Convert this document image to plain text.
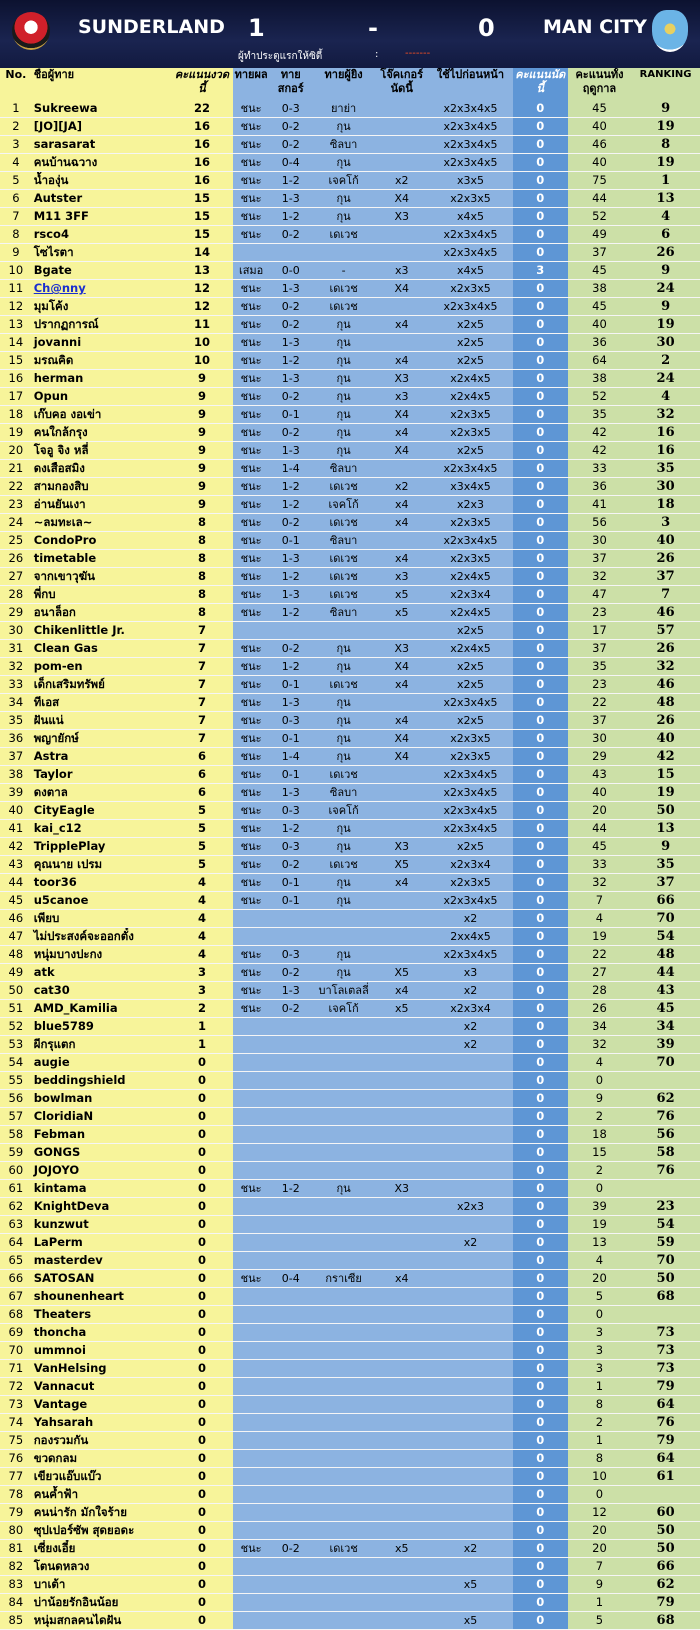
SUNDERLAND 1	-	0	MAN CITY
ผู้ทำประตูแรกให้ซิตี้	:	-------
No.	ชื่อผู้ทาย	คะแนนงวดนี้	ทายผล	ทายสกอร์	ทายผู้ยิง	โจ๊คเกอร์นัดนี้	ใช้ไปก่อนหน้า	คะแนนนัดนี้	คะแนนทั้งฤดูกาล	RANKING
1	Sukreewa	22	ชนะ	0-3	ยาย่า		x2x3x4x5	0	45	9
2	[JO][JA]	16	ชนะ	0-2	กุน		x2x3x4x5	0	40	19
3	sarasarat	16	ชนะ	0-2	ซิลบา		x2x3x4x5	0	46	8
4	คนบ้านฉวาง	16	ชนะ	0-4	กุน		x2x3x4x5	0	40	19
5	น้ำองุ่น	16	ชนะ	1-2	เจคโก้	x2	x3x5	0	75	1
6	Autster	15	ชนะ	1-3	กุน	X4	x2x3x5	0	44	13
7	M11 3FF	15	ชนะ	1-2	กุน	X3	x4x5	0	52	4
8	rsco4	15	ชนะ	0-2	เดเวช		x2x3x4x5	0	49	6
9	โซไรตา	14					x2x3x4x5	0	37	26
10	Bgate	13	เสมอ	0-0	-	x3	x4x5	3	45	9
11	Ch@nny	12	ชนะ	1-3	เดเวช	X4	x2x3x5	0	38	24
12	มุมโค้ง	12	ชนะ	0-2	เดเวช		x2x3x4x5	0	45	9
13	ปรากฏการณ์	11	ชนะ	0-2	กุน	x4	x2x5	0	40	19
14	jovanni	10	ชนะ	1-3	กุน		x2x5	0	36	30
15	มรณคิด	10	ชนะ	1-2	กุน	x4	x2x5	0	64	2
16	herman	9	ชนะ	1-3	กุน	X3	x2x4x5	0	38	24
17	Opun	9	ชนะ	0-2	กุน	x3	x2x4x5	0	52	4
18	เก๊บคอ งอเข่า	9	ชนะ	0-1	กุน	X4	x2x3x5	0	35	32
19	คนใกล้กรุง	9	ชนะ	0-2	กุน	x4	x2x3x5	0	42	16
20	โจอู จิง หลี่	9	ชนะ	1-3	กุน	X4	x2x5	0	42	16
21	ดงเสือสมิง	9	ชนะ	1-4	ซิลบา		x2x3x4x5	0	33	35
22	สามกองสิบ	9	ชนะ	1-2	เดเวช	x2	x3x4x5	0	36	30
23	อ่านยันเงา	9	ชนะ	1-2	เจคโก้	x4	x2x3	0	41	18
24	~ลมทะเล~	8	ชนะ	0-2	เดเวช	x4	x2x3x5	0	56	3
25	CondoPro	8	ชนะ	0-1	ซิลบา		x2x3x4x5	0	30	40
26	timetable	8	ชนะ	1-3	เดเวช	x4	x2x3x5	0	37	26
27	จากเขาวุฆัน	8	ชนะ	1-2	เดเวช	x3	x2x4x5	0	32	37
28	พี่กบ	8	ชนะ	1-3	เดเวช	x5	x2x3x4	0	47	7
29	อนาล็อก	8	ชนะ	1-2	ซิลบา	x5	x2x4x5	0	23	46
30	Chikenlittle Jr.	7					x2x5	0	17	57
31	Clean Gas	7	ชนะ	0-2	กุน	X3	x2x4x5	0	37	26
32	pom-en	7	ชนะ	1-2	กุน	X4	x2x5	0	35	32
33	เด็กเสริมทรัพย์	7	ชนะ	0-1	เดเวช	x4	x2x5	0	23	46
34	ทีเอส	7	ชนะ	1-3	กุน		x2x3x4x5	0	22	48
35	ฝันแน่	7	ชนะ	0-3	กุน	x4	x2x5	0	37	26
36	พญายักษ์	7	ชนะ	0-1	กุน	X4	x2x3x5	0	30	40
37	Astra	6	ชนะ	1-4	กุน	X4	x2x3x5	0	29	42
38	Taylor	6	ชนะ	0-1	เดเวช		x2x3x4x5	0	43	15
39	ดงตาล	6	ชนะ	1-3	ซิลบา		x2x3x4x5	0	40	19
40	CityEagle	5	ชนะ	0-3	เจคโก้		x2x3x4x5	0	20	50
41	kai_c12	5	ชนะ	1-2	กุน		x2x3x4x5	0	44	13
42	TripplePlay	5	ชนะ	0-3	กุน	X3	x2x5	0	45	9
43	คุณนาย เปรม	5	ชนะ	0-2	เดเวช	X5	x2x3x4	0	33	35
44	toor36	4	ชนะ	0-1	กุน	x4	x2x3x5	0	32	37
45	u5canoe	4	ชนะ	0-1	กุน		x2x3x4x5	0	7	66
46	เพียบ	4					x2	0	4	70
47	ไม่ประสงค์จะออกตั๋ง	4					2xx4x5	0	19	54
48	หนุ่มบางปะกง	4	ชนะ	0-3	กุน		x2x3x4x5	0	22	48
49	atk	3	ชนะ	0-2	กุน	X5	x3	0	27	44
50	cat30	3	ชนะ	1-3	บาโลเตลลี่	x4	x2	0	28	43
51	AMD_Kamilia	2	ชนะ	0-2	เจคโก้	x5	x2x3x4	0	26	45
52	blue5789	1					x2	0	34	34
53	ผีกรุแตก	1					x2	0	32	39
54	augie	0						0	4	70
55	beddingshield	0						0	0	
56	bowlman	0						0	9	62
57	CloridiaN	0						0	2	76
58	Febman	0						0	18	56
59	GONGS	0						0	15	58
60	JOJOYO	0						0	2	76
61	kintama	0	ชนะ	1-2	กุน	X3		0	0	
62	KnightDeva	0					x2x3	0	39	23
63	kunzwut	0						0	19	54
64	LaPerm	0					x2	0	13	59
65	masterdev	0						0	4	70
66	SATOSAN	0	ชนะ	0-4	กราเซีย	x4		0	20	50
67	shounenheart	0						0	5	68
68	Theaters	0						0	0	
69	thoncha	0						0	3	73
70	ummnoi	0						0	3	73
71	VanHelsing	0						0	3	73
72	Vannacut	0						0	1	79
73	Vantage	0						0	8	64
74	Yahsarah	0						0	2	76
75	กองรวมกัน	0						0	1	79
76	ขวดกลม	0						0	8	64
77	เขียวแอ๊บแบ๊ว	0						0	10	61
78	คนค้ำฟ้า	0						0	0	
79	คนน่ารัก มักใจร้าย	0						0	12	60
80	ซุปเปอร์ซัพ สุดยอดะ	0						0	20	50
81	เซี่ยงเอี๋ย	0	ชนะ	0-2	เดเวช	x5	x2	0	20	50
82	โตนดหลวง	0						0	7	66
83	บาเต้า	0					x5	0	9	62
84	บ่าน้อยรักอินน้อย	0						0	1	79
85	หนุ่มสกลคนไดฝัน	0					x5	0	5	68
